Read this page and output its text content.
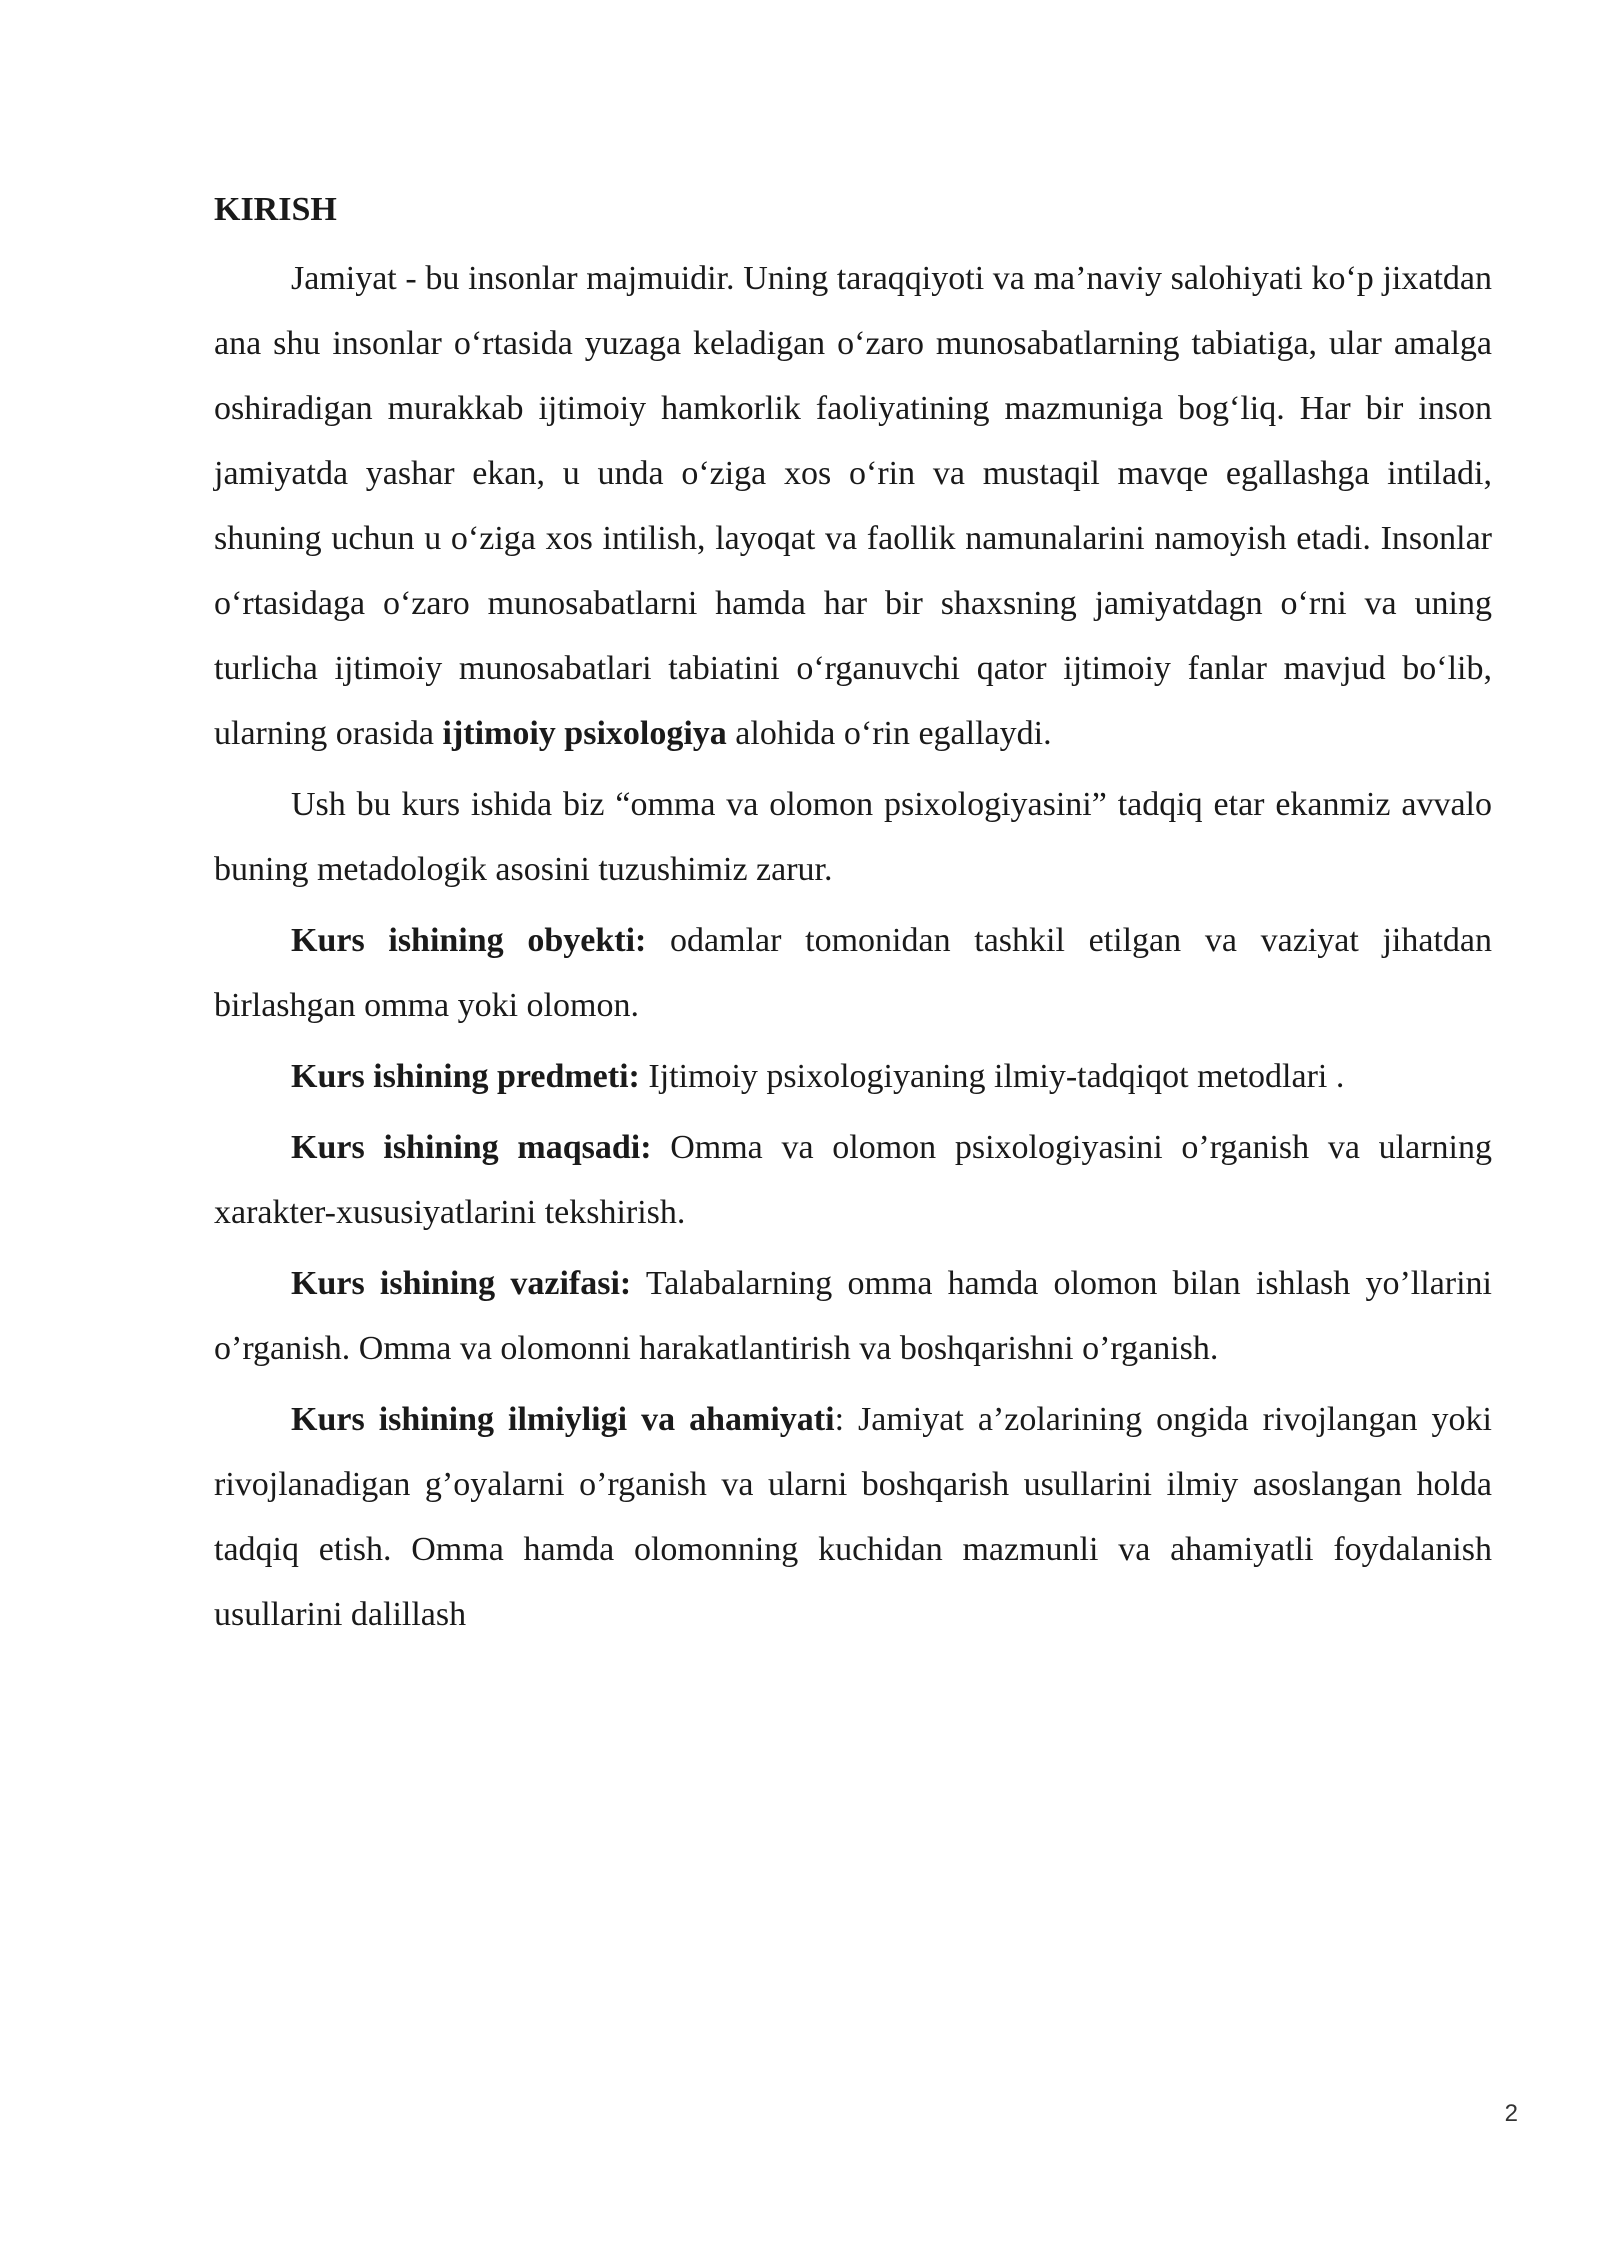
KIRISH

Jamiyat - bu insonlar majmuidir. Uning taraqqiyoti va ma’naviy salohiyati ko‘p jixatdan ana shu insonlar o‘rtasida yuzaga keladigan o‘zaro munosabatlarning tabiatiga, ular amalga oshiradigan murakkab ijtimoiy hamkorlik faoliyatining mazmuniga bog‘liq. Har bir inson jamiyatda yashar ekan, u unda o‘ziga xos o‘rin va mustaqil mavqe egallashga intiladi, shuning uchun u o‘ziga xos intilish, layoqat va faollik namunalarini namoyish etadi. Insonlar o‘rtasidaga o‘zaro munosabatlarni hamda har bir shaxsning jamiyatdagn o‘rni va uning turlicha ijtimoiy munosabatlari tabiatini o‘rganuvchi qator ijtimoiy fanlar mavjud bo‘lib, ularning orasida ijtimoiy psixologiya alohida o‘rin egallaydi.

Ush bu kurs ishida biz “omma va olomon psixologiyasini” tadqiq etar ekanmiz avvalo buning metadologik asosini tuzushimiz zarur.

Kurs ishining obyekti: odamlar tomonidan tashkil etilgan va vaziyat jihatdan birlashgan omma yoki olomon.

Kurs ishining predmeti: Ijtimoiy psixologiyaning ilmiy-tadqiqot metodlari .

Kurs ishining maqsadi: Omma va olomon psixologiyasini o’rganish va ularning xarakter-xususiyatlarini tekshirish.

Kurs ishining vazifasi: Talabalarning omma hamda olomon bilan ishlash yo’llarini o’rganish. Omma va olomonni harakatlantirish va boshqarishni o’rganish.

Kurs ishining ilmiyligi va ahamiyati: Jamiyat a’zolarining ongida rivojlangan yoki rivojlanadigan g’oyalarni o’rganish va ularni boshqarish usullarini ilmiy asoslangan holda tadqiq etish. Omma hamda olomonning kuchidan mazmunli va ahamiyatli foydalanish usullarini dalillash

2
